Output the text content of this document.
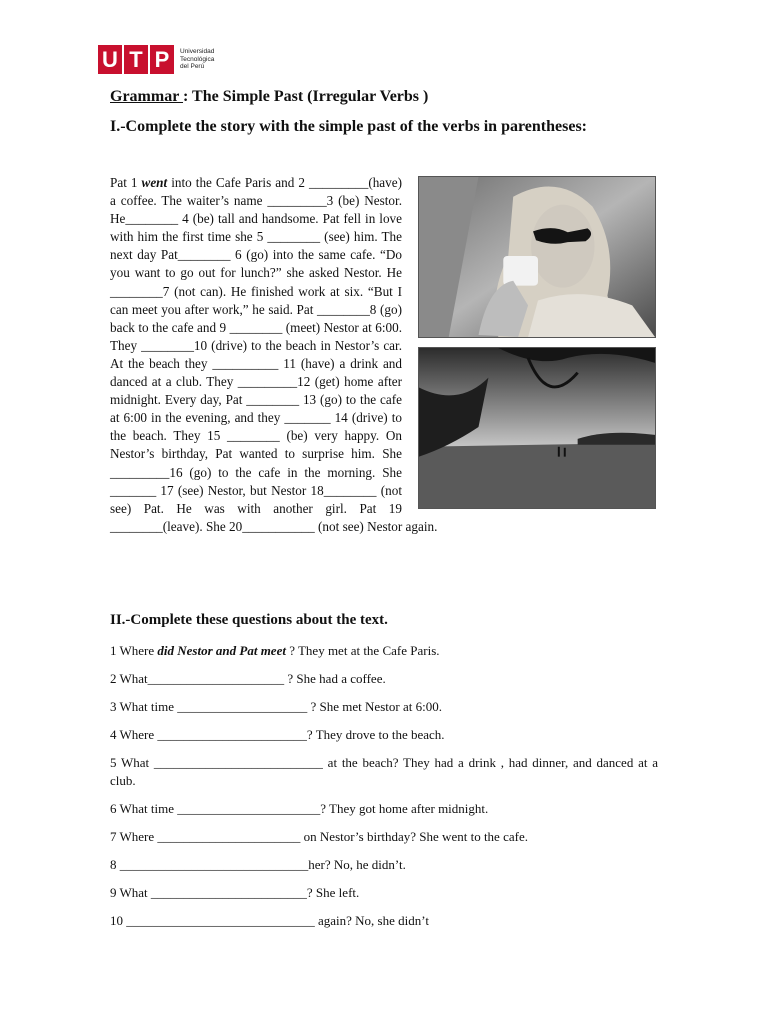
U T P	Universidad
Tecnológica
del Perú
Grammar : The Simple Past (Irregular Verbs )
I.-Complete the story with the simple past of the verbs in parentheses:

Pat 1 went into the Cafe Paris and 2 _________(have) a coffee. The waiter’s name _________3 (be) Nestor. He________ 4 (be) tall and handsome. Pat fell in love with him the first time she 5 ________ (see) him. The next day Pat________ 6 (go) into the same cafe. “Do you want to go out for lunch?” she asked Nestor. He ________7 (not can). He finished work at six. “But I can meet you after work,” he said. Pat ________8 (go) back to the cafe and 9 ________ (meet) Nestor at 6:00. They ________10 (drive) to the beach in Nestor’s car. At the beach they __________ 11 (have) a drink and danced at a club. They _________12 (get) home after midnight. Every day, Pat ________ 13 (go) to the cafe at 6:00 in the evening, and they _______ 14 (drive) to the beach. They 15 ________ (be) very happy. On Nestor’s birthday, Pat wanted to surprise him. She _________16 (go) to the cafe in the morning. She _______ 17 (see) Nestor, but Nestor 18________ (not see) Pat. He was with another girl. Pat 19 ________(leave). She 20___________ (not see) Nestor again.

II.-Complete these questions about the text.
1 Where did Nestor and Pat meet ? They met at the Cafe Paris.
2 What_____________________ ? She had a coffee.
3 What time ____________________ ? She met Nestor at 6:00.
4 Where _______________________? They drove to the beach.
5 What __________________________ at the beach? They had a drink , had dinner, and danced at a club.
6 What time ______________________? They got home after midnight.
7 Where ______________________ on Nestor’s birthday? She went to the cafe.
8 _____________________________her? No, he didn’t.
9 What ________________________? She left.
10 _____________________________ again? No, she didn’t
